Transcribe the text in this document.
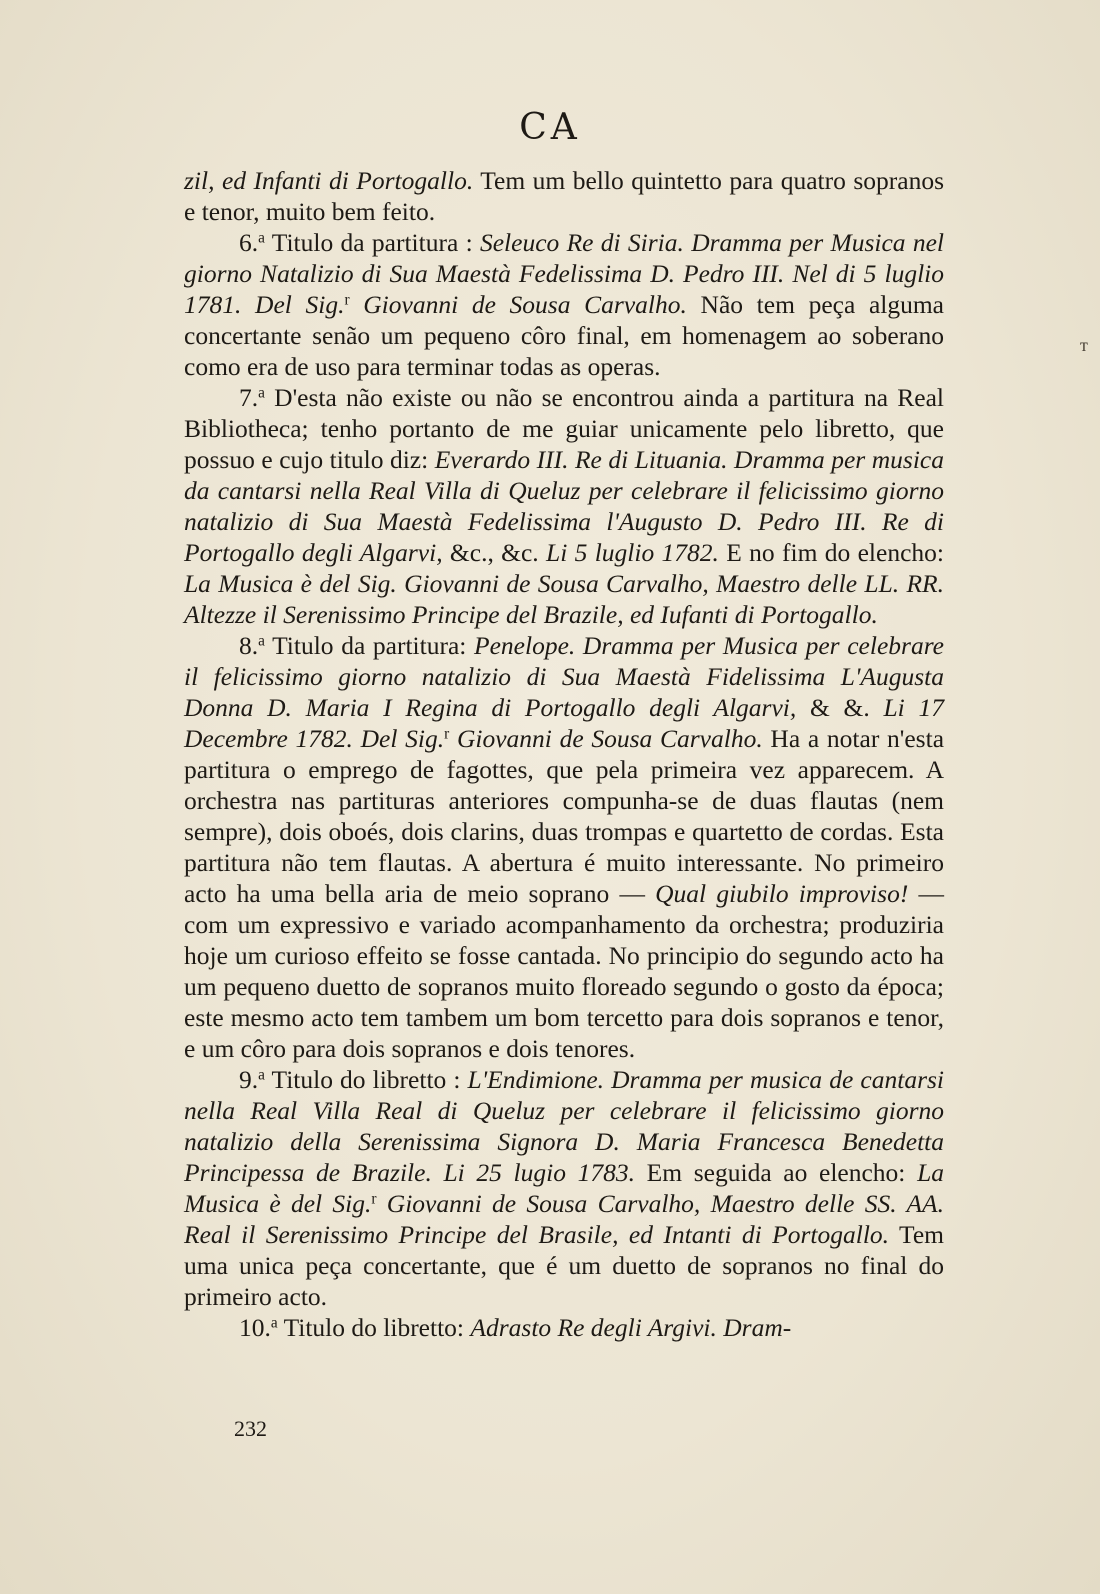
CA

zil, ed Infanti di Portogallo. Tem um bello quintetto para quatro sopranos e tenor, muito bem feito.

6.$^a$ Titulo da partitura : Seleuco Re di Siria. Dramma per Musica nel giorno Natalizio di Sua Maestà Fedelissima D. Pedro III. Nel di 5 luglio 1781. Del Sig.$^r$ Giovanni de Sousa Carvalho. Não tem peça alguma concertante senão um pequeno côro final, em homenagem ao soberano como era de uso para terminar todas as operas.

7.$^a$ D'esta não existe ou não se encontrou ainda a partitura na Real Bibliotheca; tenho portanto de me guiar unicamente pelo libretto, que possuo e cujo titulo diz: Everardo III. Re di Lituania. Dramma per musica da cantarsi nella Real Villa di Queluz per celebrare il felicissimo giorno natalizio di Sua Maestà Fedelissima l'Augusto D. Pedro III. Re di Portogallo degli Algarvi, &c., &c. Li 5 luglio 1782. E no fim do elencho: La Musica è del Sig. Giovanni de Sousa Carvalho, Maestro delle LL. RR. Altezze il Serenissimo Principe del Brazile, ed Iufanti di Portogallo.

8.$^a$ Titulo da partitura: Penelope. Dramma per Musica per celebrare il felicissimo giorno natalizio di Sua Maestà Fidelissima L'Augusta Donna D. Maria I Regina di Portogallo degli Algarvi, & &. Li 17 Decembre 1782. Del Sig.$^r$ Giovanni de Sousa Carvalho. Ha a notar n'esta partitura o emprego de fagottes, que pela primeira vez apparecem. A orchestra nas partituras anteriores compunha-se de duas flautas (nem sempre), dois oboés, dois clarins, duas trompas e quartetto de cordas. Esta partitura não tem flautas. A abertura é muito interessante. No primeiro acto ha uma bella aria de meio soprano — Qual giubilo improviso! — com um expressivo e variado acompanhamento da orchestra; produziria hoje um curioso effeito se fosse cantada. No principio do segundo acto ha um pequeno duetto de sopranos muito floreado segundo o gosto da época; este mesmo acto tem tambem um bom tercetto para dois sopranos e tenor, e um côro para dois sopranos e dois tenores.

9.$^a$ Titulo do libretto : L'Endimione. Dramma per musica de cantarsi nella Real Villa Real di Queluz per celebrare il felicissimo giorno natalizio della Serenissima Signora D. Maria Francesca Benedetta Principessa de Brazile. Li 25 lugio 1783. Em seguida ao elencho: La Musica è del Sig.$^r$ Giovanni de Sousa Carvalho, Maestro delle SS. AA. Real il Serenissimo Principe del Brasile, ed Intanti di Portogallo. Tem uma unica peça concertante, que é um duetto de sopranos no final do primeiro acto.

10.$^a$ Titulo do libretto: Adrasto Re degli Argivi. Dram-

232
ᴛ
